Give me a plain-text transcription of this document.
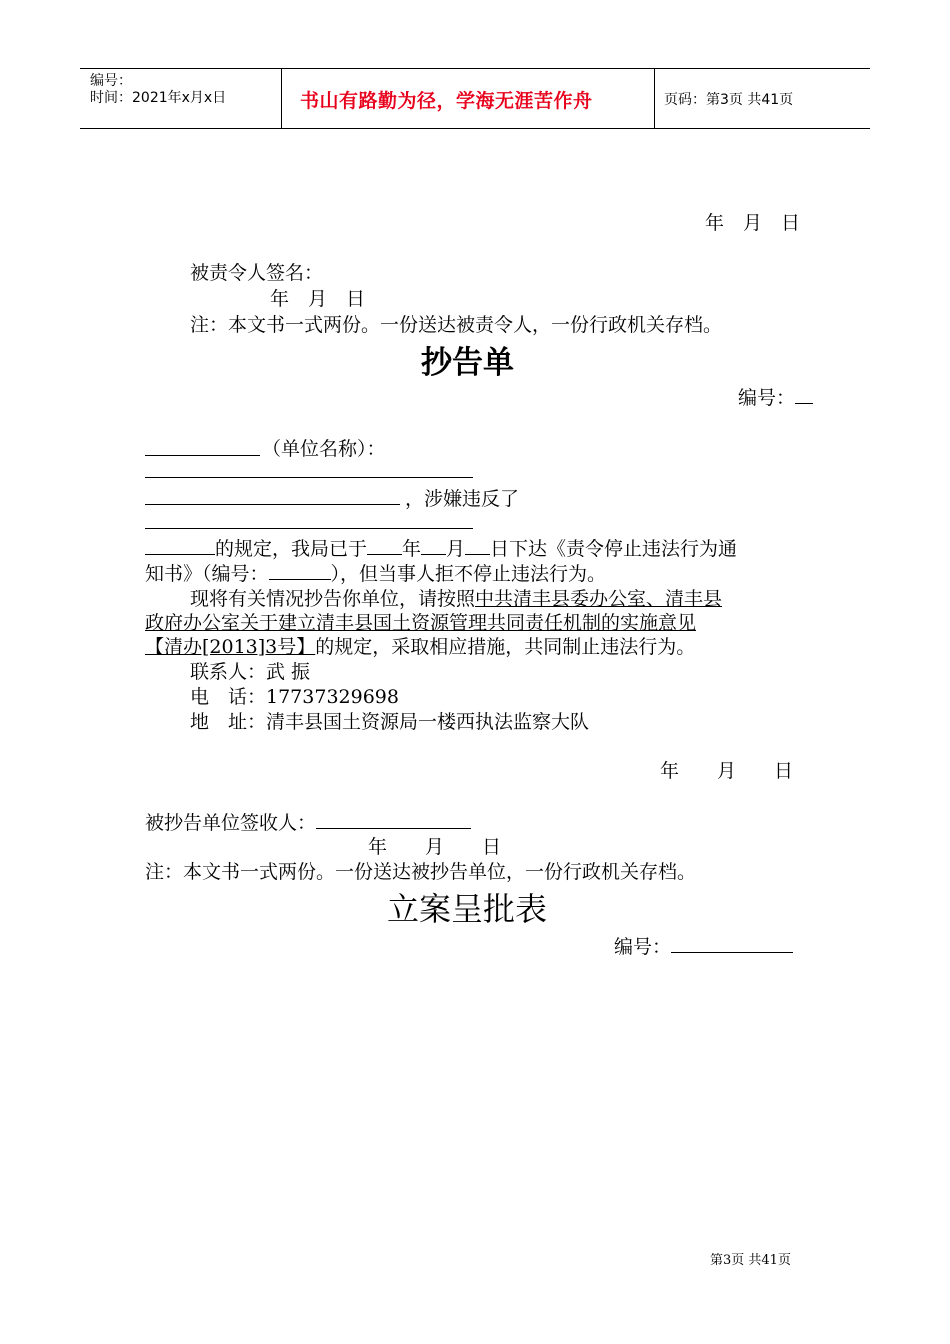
编号：
时间：2021年x月x日	书山有路勤为径，学海无涯苦作舟	页码：第3页 共41页
年　月　日
被责令人签名：
年　月　日
注：本文书一式两份。一份送达被责令人，一份行政机关存档。
抄告单
编号：
（单位名称）：
，涉嫌违反了
的规定，我局已于 年 月 日下达《责令停止违法行为通
知书》（编号：	），但当事人拒不停止违法行为。
现将有关情况抄告你单位，请按照中共清丰县委办公室、清丰县
政府办公室关于建立清丰县国土资源管理共同责任机制的实施意见
【清办[2013]3号】的规定，采取相应措施，共同制止违法行为。
联系人：武 振
电　话：17737329698
地　址：清丰县国土资源局一楼西执法监察大队
年　　月　　日
被抄告单位签收人：
年　　月　　日
注：本文书一式两份。一份送达被抄告单位，一份行政机关存档。
立案呈批表
编号：
第3页 共41页
